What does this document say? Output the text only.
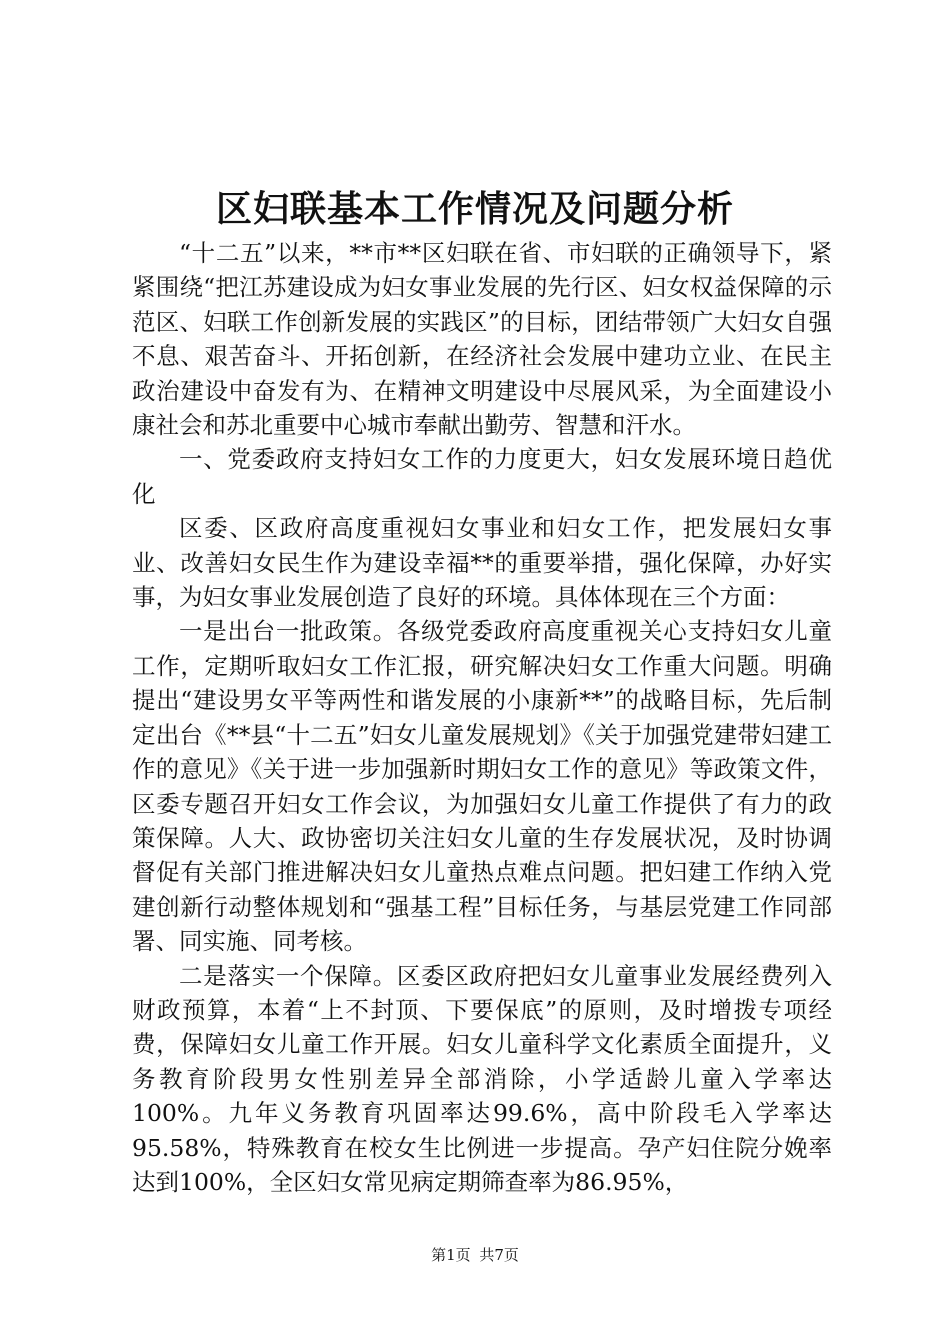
区妇联基本工作情况及问题分析

“十二五”以来，**市**区妇联在省、市妇联的正确领导下，紧紧围绕“把江苏建设成为妇女事业发展的先行区、妇女权益保障的示范区、妇联工作创新发展的实践区”的目标，团结带领广大妇女自强不息、艰苦奋斗、开拓创新，在经济社会发展中建功立业、在民主政治建设中奋发有为、在精神文明建设中尽展风采，为全面建设小康社会和苏北重要中心城市奉献出勤劳、智慧和汗水。

一、党委政府支持妇女工作的力度更大，妇女发展环境日趋优化

区委、区政府高度重视妇女事业和妇女工作，把发展妇女事业、改善妇女民生作为建设幸福**的重要举措，强化保障，办好实事，为妇女事业发展创造了良好的环境。具体体现在三个方面：

一是出台一批政策。各级党委政府高度重视关心支持妇女儿童工作，定期听取妇女工作汇报，研究解决妇女工作重大问题。明确提出“建设男女平等两性和谐发展的小康新**”的战略目标，先后制定出台《**县“十二五”妇女儿童发展规划》《关于加强党建带妇建工作的意见》《关于进一步加强新时期妇女工作的意见》等政策文件，区委专题召开妇女工作会议，为加强妇女儿童工作提供了有力的政策保障。人大、政协密切关注妇女儿童的生存发展状况，及时协调督促有关部门推进解决妇女儿童热点难点问题。把妇建工作纳入党建创新行动整体规划和“强基工程”目标任务，与基层党建工作同部署、同实施、同考核。

二是落实一个保障。区委区政府把妇女儿童事业发展经费列入财政预算，本着“上不封顶、下要保底”的原则，及时增拨专项经费，保障妇女儿童工作开展。妇女儿童科学文化素质全面提升，义务教育阶段男女性别差异全部消除，小学适龄儿童入学率达100%。九年义务教育巩固率达99.6%，高中阶段毛入学率达95.58%，特殊教育在校女生比例进一步提高。孕产妇住院分娩率达到100%，全区妇女常见病定期筛查率为86.95%，

第1页 共7页
